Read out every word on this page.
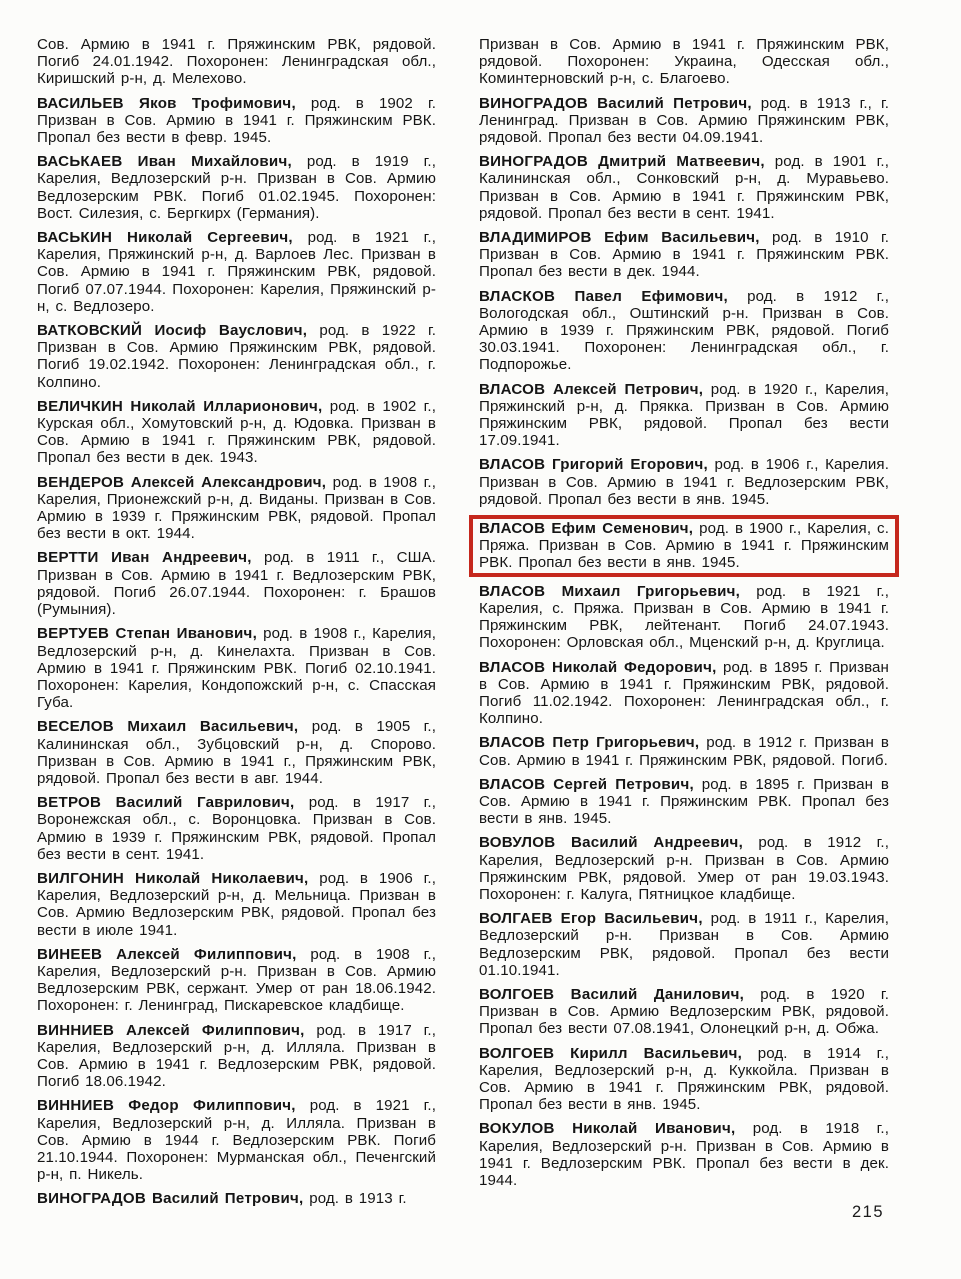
Сов. Армию в 1941 г. Пряжинским РВК, рядовой. Погиб 24.01.1942. Похоронен: Ленинградская обл., Киришский р-н, д. Мелехово.

ВАСИЛЬЕВ Яков Трофимович, род. в 1902 г. Призван в Сов. Армию в 1941 г. Пряжинским РВК. Пропал без вести в февр. 1945.

ВАСЬКАЕВ Иван Михайлович, род. в 1919 г., Карелия, Ведлозерский р-н. Призван в Сов. Армию Ведлозерским РВК. Погиб 01.02.1945. Похоронен: Вост. Силезия, с. Бергкирх (Германия).

ВАСЬКИН Николай Сергеевич, род. в 1921 г., Карелия, Пряжинский р-н, д. Варлоев Лес. Призван в Сов. Армию в 1941 г. Пряжинским РВК, рядовой. Погиб 07.07.1944. Похоронен: Карелия, Пряжинский р-н, с. Ведлозеро.

ВАТКОВСКИЙ Иосиф Вауслович, род. в 1922 г. Призван в Сов. Армию Пряжинским РВК, рядовой. Погиб 19.02.1942. Похоронен: Ленинградская обл., г. Колпино.

ВЕЛИЧКИН Николай Илларионович, род. в 1902 г., Курская обл., Хомутовский р-н, д. Юдовка. Призван в Сов. Армию в 1941 г. Пряжинским РВК, рядовой. Пропал без вести в дек. 1943.

ВЕНДЕРОВ Алексей Александрович, род. в 1908 г., Карелия, Прионежский р-н, д. Виданы. Призван в Сов. Армию в 1939 г. Пряжинским РВК, рядовой. Пропал без вести в окт. 1944.

ВЕРТТИ Иван Андреевич, род. в 1911 г., США. Призван в Сов. Армию в 1941 г. Ведлозерским РВК, рядовой. Погиб 26.07.1944. Похоронен: г. Брашов (Румыния).

ВЕРТУЕВ Степан Иванович, род. в 1908 г., Карелия, Ведлозерский р-н, д. Кинелахта. Призван в Сов. Армию в 1941 г. Пряжинским РВК. Погиб 02.10.1941. Похоронен: Карелия, Кондопожский р-н, с. Спасская Губа.

ВЕСЕЛОВ Михаил Васильевич, род. в 1905 г., Калининская обл., Зубцовский р-н, д. Спорово. Призван в Сов. Армию в 1941 г., Пряжинским РВК, рядовой. Пропал без вести в авг. 1944.

ВЕТРОВ Василий Гаврилович, род. в 1917 г., Воронежская обл., с. Воронцовка. Призван в Сов. Армию в 1939 г. Пряжинским РВК, рядовой. Пропал без вести в сент. 1941.

ВИЛГОНИН Николай Николаевич, род. в 1906 г., Карелия, Ведлозерский р-н, д. Мельница. Призван в Сов. Армию Ведлозерским РВК, рядовой. Пропал без вести в июле 1941.

ВИНЕЕВ Алексей Филиппович, род. в 1908 г., Карелия, Ведлозерский р-н. Призван в Сов. Армию Ведлозерским РВК, сержант. Умер от ран 18.06.1942. Похоронен: г. Ленинград, Пискаревское кладбище.

ВИННИЕВ Алексей Филиппович, род. в 1917 г., Карелия, Ведлозерский р-н, д. Илляла. Призван в Сов. Армию в 1941 г. Ведлозерским РВК, рядовой. Погиб 18.06.1942.

ВИННИЕВ Федор Филиппович, род. в 1921 г., Карелия, Ведлозерский р-н, д. Илляла. Призван в Сов. Армию в 1944 г. Ведлозерским РВК. Погиб 21.10.1944. Похоронен: Мурманская обл., Печенгский р-н, п. Никель.

ВИНОГРАДОВ Василий Петрович, род. в 1913 г.

Призван в Сов. Армию в 1941 г. Пряжинским РВК, рядовой. Похоронен: Украина, Одесская обл., Коминтерновский р-н, с. Благоево.

ВИНОГРАДОВ Василий Петрович, род. в 1913 г., г. Ленинград. Призван в Сов. Армию Пряжинским РВК, рядовой. Пропал без вести 04.09.1941.

ВИНОГРАДОВ Дмитрий Матвеевич, род. в 1901 г., Калининская обл., Сонковский р-н, д. Муравьево. Призван в Сов. Армию в 1941 г. Пряжинским РВК, рядовой. Пропал без вести в сент. 1941.

ВЛАДИМИРОВ Ефим Васильевич, род. в 1910 г. Призван в Сов. Армию в 1941 г. Пряжинским РВК. Пропал без вести в дек. 1944.

ВЛАСКОВ Павел Ефимович, род. в 1912 г., Вологодская обл., Оштинский р-н. Призван в Сов. Армию в 1939 г. Пряжинским РВК, рядовой. Погиб 30.03.1941. Похоронен: Ленинградская обл., г. Подпорожье.

ВЛАСОВ Алексей Петрович, род. в 1920 г., Карелия, Пряжинский р-н, д. Прякка. Призван в Сов. Армию Пряжинским РВК, рядовой. Пропал без вести 17.09.1941.

ВЛАСОВ Григорий Егорович, род. в 1906 г., Карелия. Призван в Сов. Армию в 1941 г. Ведлозерским РВК, рядовой. Пропал без вести в янв. 1945.

ВЛАСОВ Ефим Семенович, род. в 1900 г., Карелия, с. Пряжа. Призван в Сов. Армию в 1941 г. Пряжинским РВК. Пропал без вести в янв. 1945.

ВЛАСОВ Михаил Григорьевич, род. в 1921 г., Карелия, с. Пряжа. Призван в Сов. Армию в 1941 г. Пряжинским РВК, лейтенант. Погиб 24.07.1943. Похоронен: Орловская обл., Мценский р-н, д. Круглица.

ВЛАСОВ Николай Федорович, род. в 1895 г. Призван в Сов. Армию в 1941 г. Пряжинским РВК, рядовой. Погиб 11.02.1942. Похоронен: Ленинградская обл., г. Колпино.

ВЛАСОВ Петр Григорьевич, род. в 1912 г. Призван в Сов. Армию в 1941 г. Пряжинским РВК, рядовой. Погиб.

ВЛАСОВ Сергей Петрович, род. в 1895 г. Призван в Сов. Армию в 1941 г. Пряжинским РВК. Пропал без вести в янв. 1945.

ВОВУЛОВ Василий Андреевич, род. в 1912 г., Карелия, Ведлозерский р-н. Призван в Сов. Армию Пряжинским РВК, рядовой. Умер от ран 19.03.1943. Похоронен: г. Калуга, Пятницкое кладбище.

ВОЛГАЕВ Егор Васильевич, род. в 1911 г., Карелия, Ведлозерский р-н. Призван в Сов. Армию Ведлозерским РВК, рядовой. Пропал без вести 01.10.1941.

ВОЛГОЕВ Василий Данилович, род. в 1920 г. Призван в Сов. Армию Ведлозерским РВК, рядовой. Пропал без вести 07.08.1941, Олонецкий р-н, д. Обжа.

ВОЛГОЕВ Кирилл Васильевич, род. в 1914 г., Карелия, Ведлозерский р-н, д. Куккойла. Призван в Сов. Армию в 1941 г. Пряжинским РВК, рядовой. Пропал без вести в янв. 1945.

ВОКУЛОВ Николай Иванович, род. в 1918 г., Карелия, Ведлозерский р-н. Призван в Сов. Армию в 1941 г. Ведлозерским РВК. Пропал без вести в дек. 1944.

215
